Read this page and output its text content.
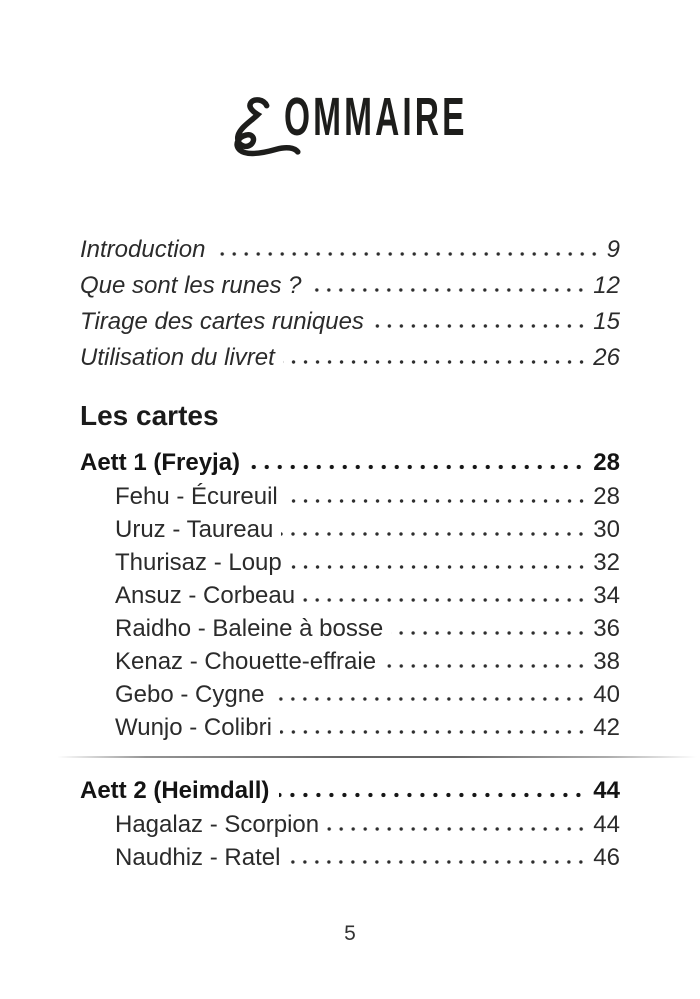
OMMAIRE
Introduction	9
Que sont les runes ?	12
Tirage des cartes runiques	15
Utilisation du livret	26
Les cartes
Aett 1 (Freyja)	28
Fehu - Écureuil	28
Uruz - Taureau	30
Thurisaz - Loup	32
Ansuz - Corbeau	34
Raidho - Baleine à bosse	36
Kenaz - Chouette-effraie	38
Gebo - Cygne	40
Wunjo - Colibri	42
Aett 2 (Heimdall)	44
Hagalaz - Scorpion	44
Naudhiz - Ratel	46
5
